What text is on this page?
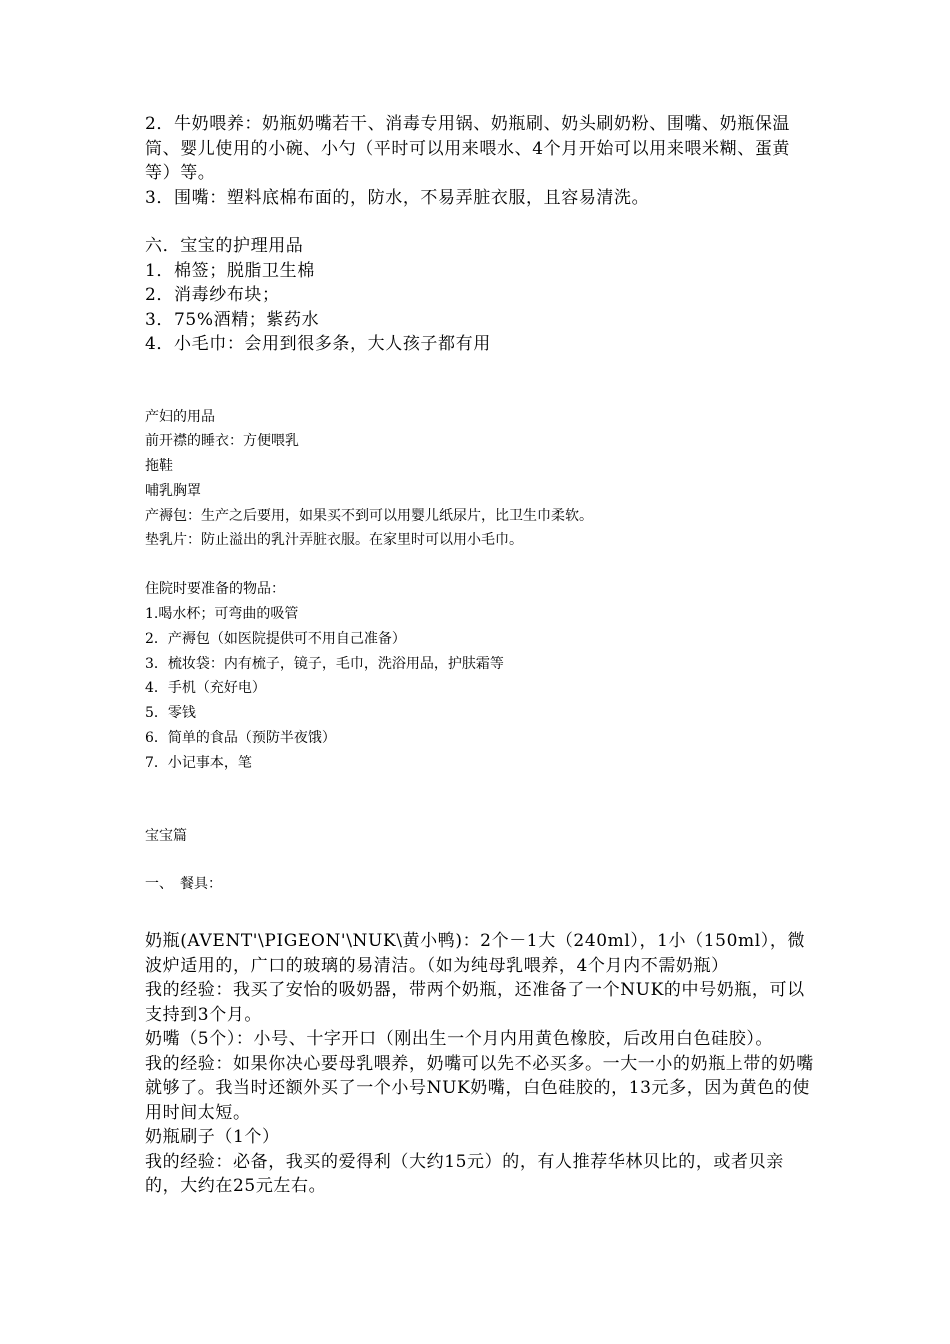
2．牛奶喂养：奶瓶奶嘴若干、消毒专用锅、奶瓶刷、奶头刷奶粉、围嘴、奶瓶保温筒、婴儿使用的小碗、小勺（平时可以用来喂水、4个月开始可以用来喂米糊、蛋黄等）等。
3．围嘴：塑料底棉布面的，防水，不易弄脏衣服，且容易清洗。
六．宝宝的护理用品
1．棉签；脱脂卫生棉
2．消毒纱布块；
3．75%酒精；紫药水
4．小毛巾：会用到很多条，大人孩子都有用
产妇的用品
前开襟的睡衣：方便喂乳
拖鞋
哺乳胸罩
产褥包：生产之后要用，如果买不到可以用婴儿纸尿片，比卫生巾柔软。
垫乳片：防止溢出的乳汁弄脏衣服。在家里时可以用小毛巾。
住院时要准备的物品：
1.喝水杯；可弯曲的吸管
2．产褥包（如医院提供可不用自己准备）
3．梳妆袋：内有梳子，镜子，毛巾，洗浴用品，护肤霜等
4．手机（充好电）
5．零钱
6．简单的食品（预防半夜饿）
7．小记事本，笔
宝宝篇
一、　餐具：
奶瓶(AVENT'\PIGEON'\NUK\黄小鸭)：2个－1大（240ml），1小（150ml），微波炉适用的，广口的玻璃的易清洁。（如为纯母乳喂养，4个月内不需奶瓶）
我的经验：我买了安怡的吸奶器，带两个奶瓶，还准备了一个NUK的中号奶瓶，可以支持到3个月。
奶嘴（5个）：小号、十字开口（刚出生一个月内用黄色橡胶，后改用白色硅胶）。
我的经验：如果你决心要母乳喂养，奶嘴可以先不必买多。一大一小的奶瓶上带的奶嘴就够了。我当时还额外买了一个小号NUK奶嘴，白色硅胶的，13元多，因为黄色的使用时间太短。
奶瓶刷子（1个）
我的经验：必备，我买的爱得利（大约15元）的，有人推荐华林贝比的，或者贝亲的，大约在25元左右。
